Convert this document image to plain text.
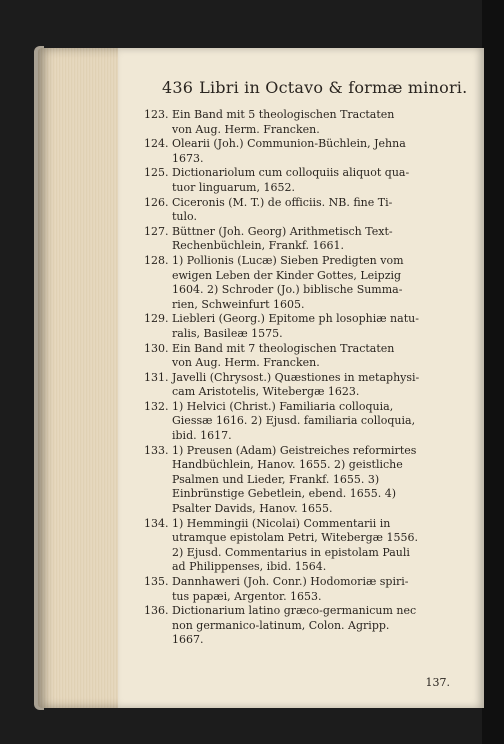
436 Libri in Octavo & formæ minori.
123. Ein Band mit 5 theologischen Tractaten
von Aug. Herm. Francken.
124. Olearii (Joh.) Communion-Büchlein, Jehna
1673.
125. Dictionariolum cum colloquiis aliquot qua-
tuor linguarum, 1652.
126. Ciceronis (M. T.) de officiis. NB. fine Ti-
tulo.
127. Büttner (Joh. Georg) Arithmetisch Text-
Rechenbüchlein, Frankf. 1661.
128. 1) Pollionis (Lucæ) Sieben Predigten vom
ewigen Leben der Kinder Gottes, Leipzig
1604. 2) Schroder (Jo.) biblische Summa-
rien, Schweinfurt 1605.
129. Liebleri (Georg.) Epitome ph losophiæ natu-
ralis, Basileæ 1575.
130. Ein Band mit 7 theologischen Tractaten
von Aug. Herm. Francken.
131. Javelli (Chrysost.) Quæstiones in metaphysi-
cam Aristotelis, Witebergæ 1623.
132. 1) Helvici (Christ.) Familiaria colloquia,
Giessæ 1616. 2) Ejusd. familiaria colloquia,
ibid. 1617.
133. 1) Preusen (Adam) Geistreiches reformirtes
Handbüchlein, Hanov. 1655. 2) geistliche
Psalmen und Lieder, Frankf. 1655. 3)
Einbrünstige Gebetlein, ebend. 1655. 4)
Psalter Davids, Hanov. 1655.
134. 1) Hemmingii (Nicolai) Commentarii in
utramque epistolam Petri, Witebergæ 1556.
2) Ejusd. Commentarius in epistolam Pauli
ad Philippenses, ibid. 1564.
135. Dannhaweri (Joh. Conr.) Hodomoriæ spiri-
tus papæi, Argentor. 1653.
136. Dictionarium latino græco-germanicum nec
non germanico-latinum, Colon. Agripp.
1667.
137.
